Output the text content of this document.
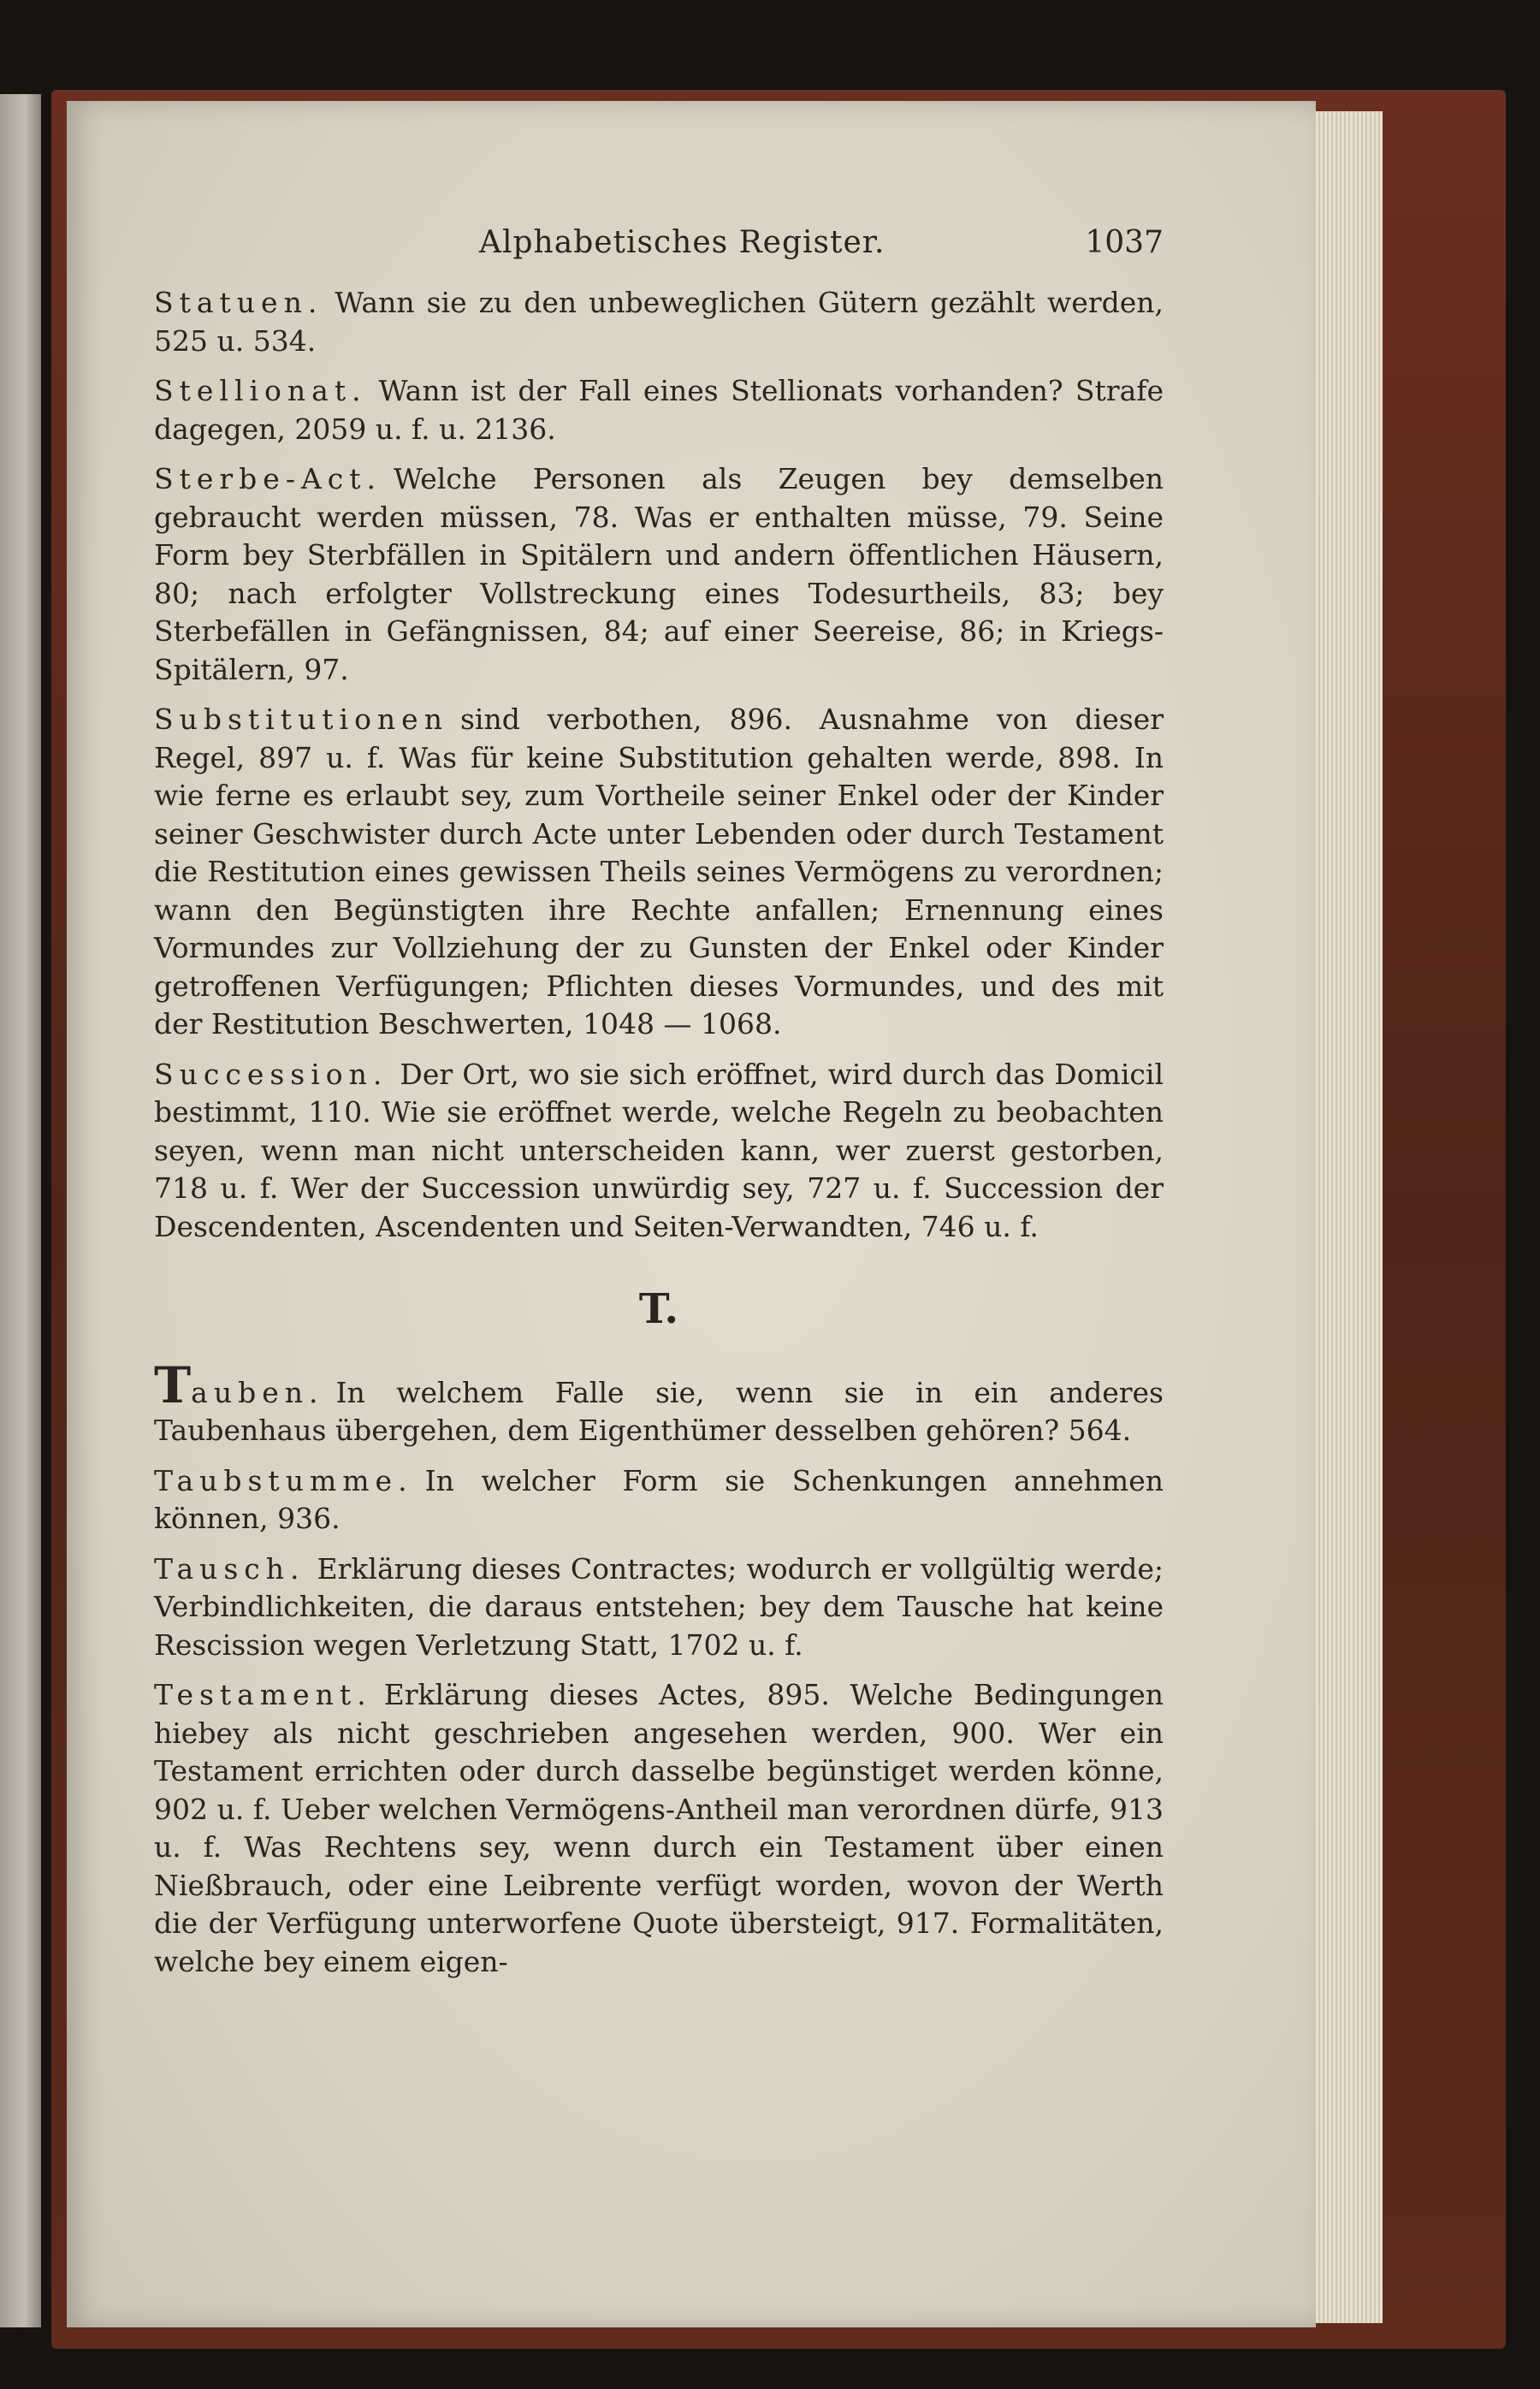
Alphabetisches Register.	1037

Statuen. Wann sie zu den unbeweglichen Gütern gezählt werden, 525 u. 534.

Stellionat. Wann ist der Fall eines Stellionats vorhanden? Strafe dagegen, 2059 u. f. u. 2136.

Sterbe-Act. Welche Personen als Zeugen bey demselben gebraucht werden müssen, 78. Was er enthalten müsse, 79. Seine Form bey Sterbfällen in Spitälern und andern öffentlichen Häusern, 80; nach erfolgter Vollstreckung eines Todesurtheils, 83; bey Sterbefällen in Gefängnissen, 84; auf einer Seereise, 86; in Kriegs-Spitälern, 97.

Substitutionen sind verbothen, 896. Ausnahme von dieser Regel, 897 u. f. Was für keine Substitution gehalten werde, 898. In wie ferne es erlaubt sey, zum Vortheile seiner Enkel oder der Kinder seiner Geschwister durch Acte unter Lebenden oder durch Testament die Restitution eines gewissen Theils seines Vermögens zu verordnen; wann den Begünstigten ihre Rechte anfallen; Ernennung eines Vormundes zur Vollziehung der zu Gunsten der Enkel oder Kinder getroffenen Verfügungen; Pflichten dieses Vormundes, und des mit der Restitution Beschwerten, 1048 — 1068.

Succession. Der Ort, wo sie sich eröffnet, wird durch das Domicil bestimmt, 110. Wie sie eröffnet werde, welche Regeln zu beobachten seyen, wenn man nicht unterscheiden kann, wer zuerst gestorben, 718 u. f. Wer der Succession unwürdig sey, 727 u. f. Succession der Descendenten, Ascendenten und Seiten-Verwandten, 746 u. f.

T.

Tauben. In welchem Falle sie, wenn sie in ein anderes Taubenhaus übergehen, dem Eigenthümer desselben gehören? 564.

Taubstumme. In welcher Form sie Schenkungen annehmen können, 936.

Tausch. Erklärung dieses Contractes; wodurch er vollgültig werde; Verbindlichkeiten, die daraus entstehen; bey dem Tausche hat keine Rescission wegen Verletzung Statt, 1702 u. f.

Testament. Erklärung dieses Actes, 895. Welche Bedingungen hiebey als nicht geschrieben angesehen werden, 900. Wer ein Testament errichten oder durch dasselbe begünstiget werden könne, 902 u. f. Ueber welchen Vermögens-Antheil man verordnen dürfe, 913 u. f. Was Rechtens sey, wenn durch ein Testament über einen Nießbrauch, oder eine Leibrente verfügt worden, wovon der Werth die der Verfügung unterworfene Quote übersteigt, 917. Formalitäten, welche bey einem eigen-
